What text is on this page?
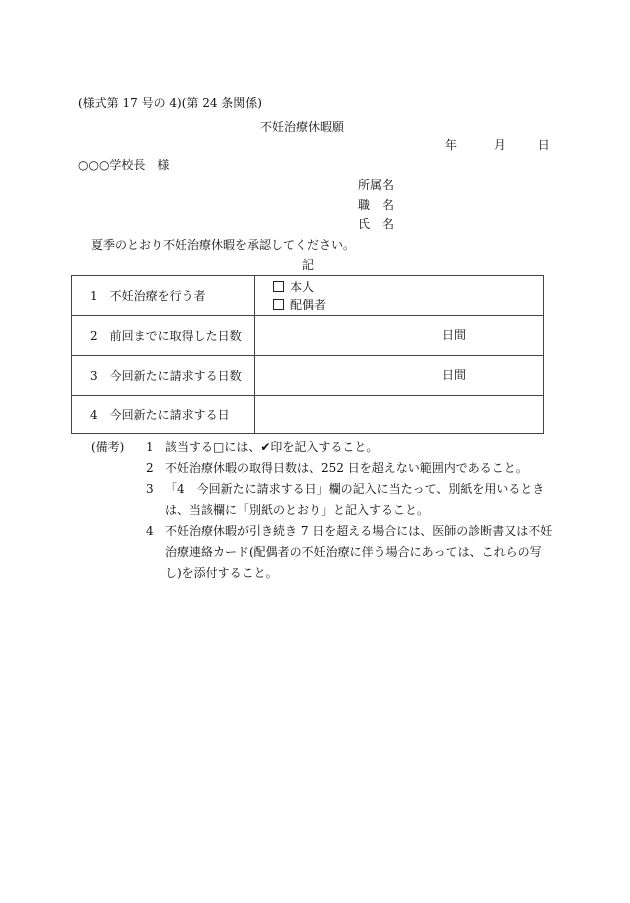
(様式第 17 号の 4)(第 24 条関係)
不妊治療休暇願
年	月	日
○○○学校長　様
所属名
職　名
氏　名
夏季のとおり不妊治療休暇を承認してください。
記
1　不妊治療を行う者	本人
配偶者

2　前回までに取得した日数	日間
3　今回新たに請求する日数	日間
4　今回新たに請求する日	
(備考) 1 該当する□には、✔印を記入すること。
2 不妊治療休暇の取得日数は、252 日を超えない範囲内であること。
3 「4　今回新たに請求する日」欄の記入に当たって、別紙を用いるときは、当該欄に「別紙のとおり」と記入すること。
4 不妊治療休暇が引き続き 7 日を超える場合には、医師の診断書又は不妊治療連絡カード(配偶者の不妊治療に伴う場合にあっては、これらの写し)を添付すること。
